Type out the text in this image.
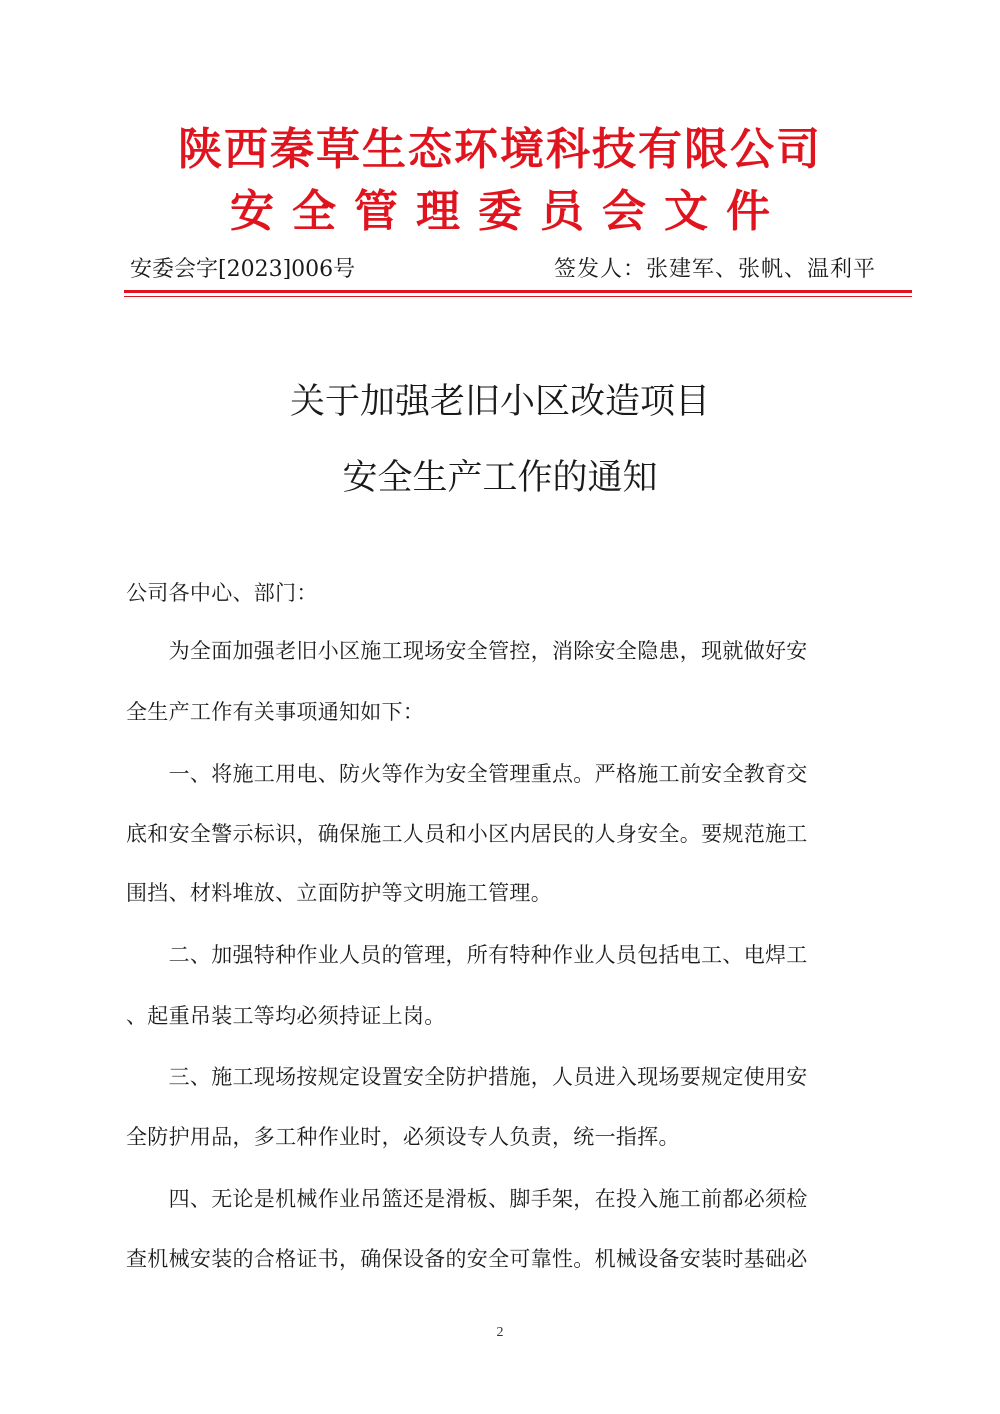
陕西秦草生态环境科技有限公司
安全管理委员会文件
安委会字[2023]006号	签发人：张建军、张帆、温利平
关于加强老旧小区改造项目
安全生产工作的通知
公司各中心、部门：
　　为全面加强老旧小区施工现场安全管控，消除安全隐患，现就做好安
全生产工作有关事项通知如下：
　　一、将施工用电、防火等作为安全管理重点。严格施工前安全教育交
底和安全警示标识，确保施工人员和小区内居民的人身安全。要规范施工
围挡、材料堆放、立面防护等文明施工管理。
　　二、加强特种作业人员的管理，所有特种作业人员包括电工、电焊工
、起重吊装工等均必须持证上岗。
　　三、施工现场按规定设置安全防护措施，人员进入现场要规定使用安
全防护用品，多工种作业时，必须设专人负责，统一指挥。
　　四、无论是机械作业吊篮还是滑板、脚手架，在投入施工前都必须检
查机械安装的合格证书，确保设备的安全可靠性。机械设备安装时基础必
2
